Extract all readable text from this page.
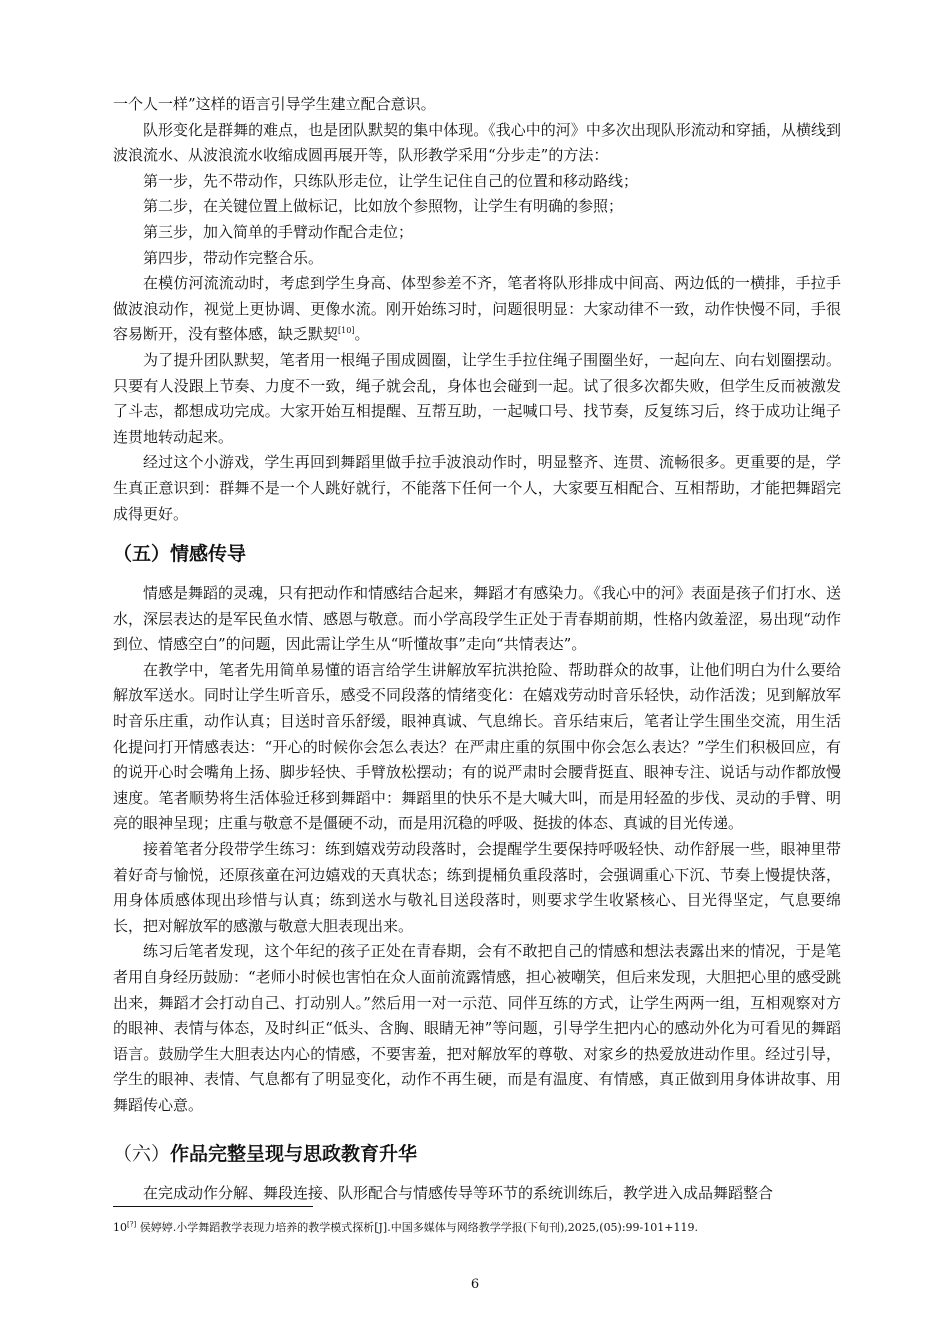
一个人一样”这样的语言引导学生建立配合意识。

队形变化是群舞的难点，也是团队默契的集中体现。《我心中的河》中多次出现队形流动和穿插，从横线到波浪流水、从波浪流水收缩成圆再展开等，队形教学采用“分步走”的方法：

第一步，先不带动作，只练队形走位，让学生记住自己的位置和移动路线；

第二步，在关键位置上做标记，比如放个参照物，让学生有明确的参照；

第三步，加入简单的手臂动作配合走位；

第四步，带动作完整合乐。

在模仿河流流动时，考虑到学生身高、体型参差不齐，笔者将队形排成中间高、两边低的一横排，手拉手做波浪动作，视觉上更协调、更像水流。刚开始练习时，问题很明显：大家动律不一致，动作快慢不同，手很容易断开，没有整体感，缺乏默契[10]。

为了提升团队默契，笔者用一根绳子围成圆圈，让学生手拉住绳子围圈坐好，一起向左、向右划圈摆动。只要有人没跟上节奏、力度不一致，绳子就会乱，身体也会碰到一起。试了很多次都失败，但学生反而被激发了斗志，都想成功完成。大家开始互相提醒、互帮互助，一起喊口号、找节奏，反复练习后，终于成功让绳子连贯地转动起来。

经过这个小游戏，学生再回到舞蹈里做手拉手波浪动作时，明显整齐、连贯、流畅很多。更重要的是，学生真正意识到：群舞不是一个人跳好就行，不能落下任何一个人，大家要互相配合、互相帮助，才能把舞蹈完成得更好。

（五）情感传导

情感是舞蹈的灵魂，只有把动作和情感结合起来，舞蹈才有感染力。《我心中的河》表面是孩子们打水、送水，深层表达的是军民鱼水情、感恩与敬意。而小学高段学生正处于青春期前期，性格内敛羞涩，易出现“动作到位、情感空白”的问题，因此需让学生从“听懂故事”走向“共情表达”。

在教学中，笔者先用简单易懂的语言给学生讲解放军抗洪抢险、帮助群众的故事，让他们明白为什么要给解放军送水。同时让学生听音乐，感受不同段落的情绪变化：在嬉戏劳动时音乐轻快，动作活泼；见到解放军时音乐庄重，动作认真；目送时音乐舒缓，眼神真诚、气息绵长。音乐结束后，笔者让学生围坐交流，用生活化提问打开情感表达：“开心的时候你会怎么表达？在严肃庄重的氛围中你会怎么表达？”学生们积极回应，有的说开心时会嘴角上扬、脚步轻快、手臂放松摆动；有的说严肃时会腰背挺直、眼神专注、说话与动作都放慢速度。笔者顺势将生活体验迁移到舞蹈中：舞蹈里的快乐不是大喊大叫，而是用轻盈的步伐、灵动的手臂、明亮的眼神呈现；庄重与敬意不是僵硬不动，而是用沉稳的呼吸、挺拔的体态、真诚的目光传递。

接着笔者分段带学生练习：练到嬉戏劳动段落时，会提醒学生要保持呼吸轻快、动作舒展一些，眼神里带着好奇与愉悦，还原孩童在河边嬉戏的天真状态；练到提桶负重段落时，会强调重心下沉、节奏上慢提快落，用身体质感体现出珍惜与认真；练到送水与敬礼目送段落时，则要求学生收紧核心、目光得坚定，气息要绵长，把对解放军的感激与敬意大胆表现出来。

练习后笔者发现，这个年纪的孩子正处在青春期，会有不敢把自己的情感和想法表露出来的情况，于是笔者用自身经历鼓励：“老师小时候也害怕在众人面前流露情感，担心被嘲笑，但后来发现，大胆把心里的感受跳出来，舞蹈才会打动自己、打动别人。”然后用一对一示范、同伴互练的方式，让学生两两一组，互相观察对方的眼神、表情与体态，及时纠正“低头、含胸、眼睛无神”等问题，引导学生把内心的感动外化为可看见的舞蹈语言。鼓励学生大胆表达内心的情感，不要害羞，把对解放军的尊敬、对家乡的热爱放进动作里。经过引导，学生的眼神、表情、气息都有了明显变化，动作不再生硬，而是有温度、有情感，真正做到用身体讲故事、用舞蹈传心意。

（六）作品完整呈现与思政教育升华

在完成动作分解、舞段连接、队形配合与情感传导等环节的系统训练后，教学进入成品舞蹈整合

10[?] 侯婷婷.小学舞蹈教学表现力培养的教学模式探析[J].中国多媒体与网络教学学报(下旬刊),2025,(05):99-101+119.
6
